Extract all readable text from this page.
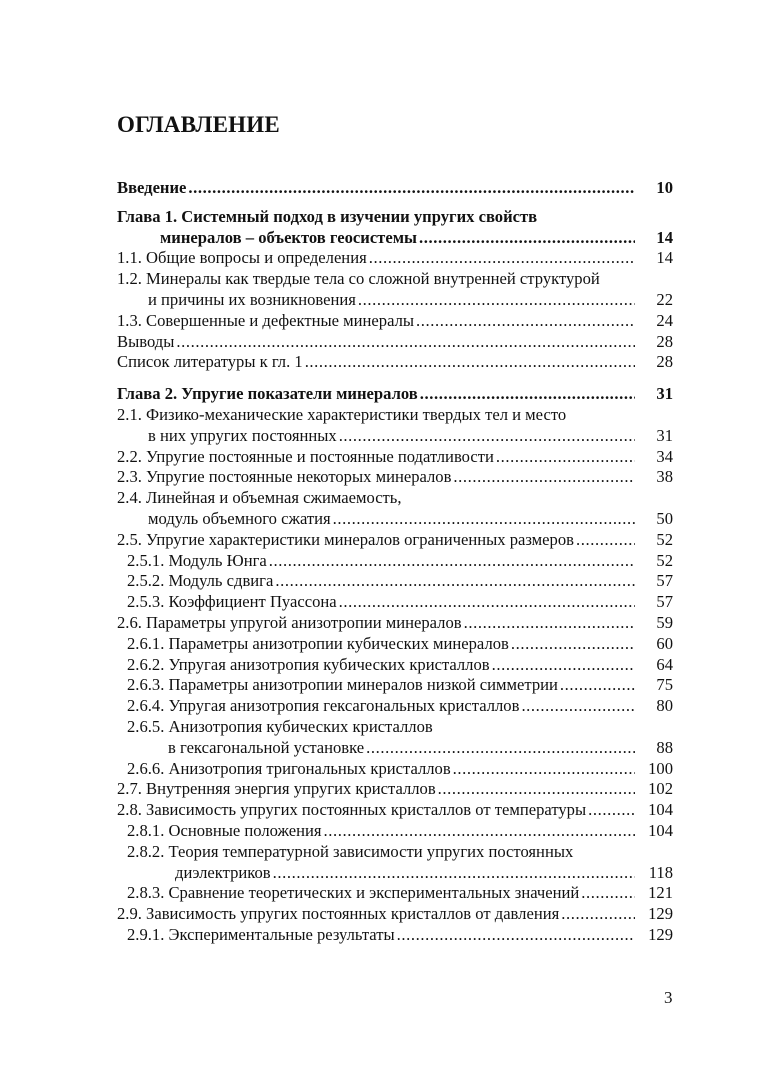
ОГЛАВЛЕНИЕ
Введение .....	10
Глава 1. Системный подход в изучении упругих свойств
минералов – объектов геосистемы .....	14
1.1. Общие вопросы и определения .....	14
1.2. Минералы как твердые тела со сложной внутренней структурой
и причины их возникновения .....	22
1.3. Совершенные и дефектные минералы .....	24
Выводы .....	28
Список литературы к гл. 1 .....	28
Глава 2. Упругие показатели минералов .....	31
2.1. Физико-механические характеристики твердых тел и место
в них упругих постоянных .....	31
2.2. Упругие постоянные и постоянные податливости .....	34
2.3. Упругие постоянные некоторых минералов .....	38
2.4. Линейная и объемная сжимаемость,
модуль объемного сжатия .....	50
2.5. Упругие характеристики минералов ограниченных размеров .....	52
2.5.1. Модуль Юнга .....	52
2.5.2. Модуль сдвига .....	57
2.5.3. Коэффициент Пуассона .....	57
2.6. Параметры упругой анизотропии минералов .....	59
2.6.1. Параметры анизотропии кубических минералов .....	60
2.6.2. Упругая анизотропия кубических кристаллов .....	64
2.6.3. Параметры анизотропии минералов низкой симметрии .....	75
2.6.4. Упругая анизотропия гексагональных кристаллов .....	80
2.6.5. Анизотропия кубических кристаллов
в гексагональной установке .....	88
2.6.6. Анизотропия тригональных кристаллов .....	100
2.7. Внутренняя энергия упругих кристаллов .....	102
2.8. Зависимость упругих постоянных кристаллов от температуры .....	104
2.8.1. Основные положения .....	104
2.8.2. Теория температурной зависимости упругих постоянных
диэлектриков .....	118
2.8.3. Сравнение теоретических и экспериментальных значений .....	121
2.9. Зависимость упругих постоянных кристаллов от давления .....	129
2.9.1. Экспериментальные результаты .....	129
3
